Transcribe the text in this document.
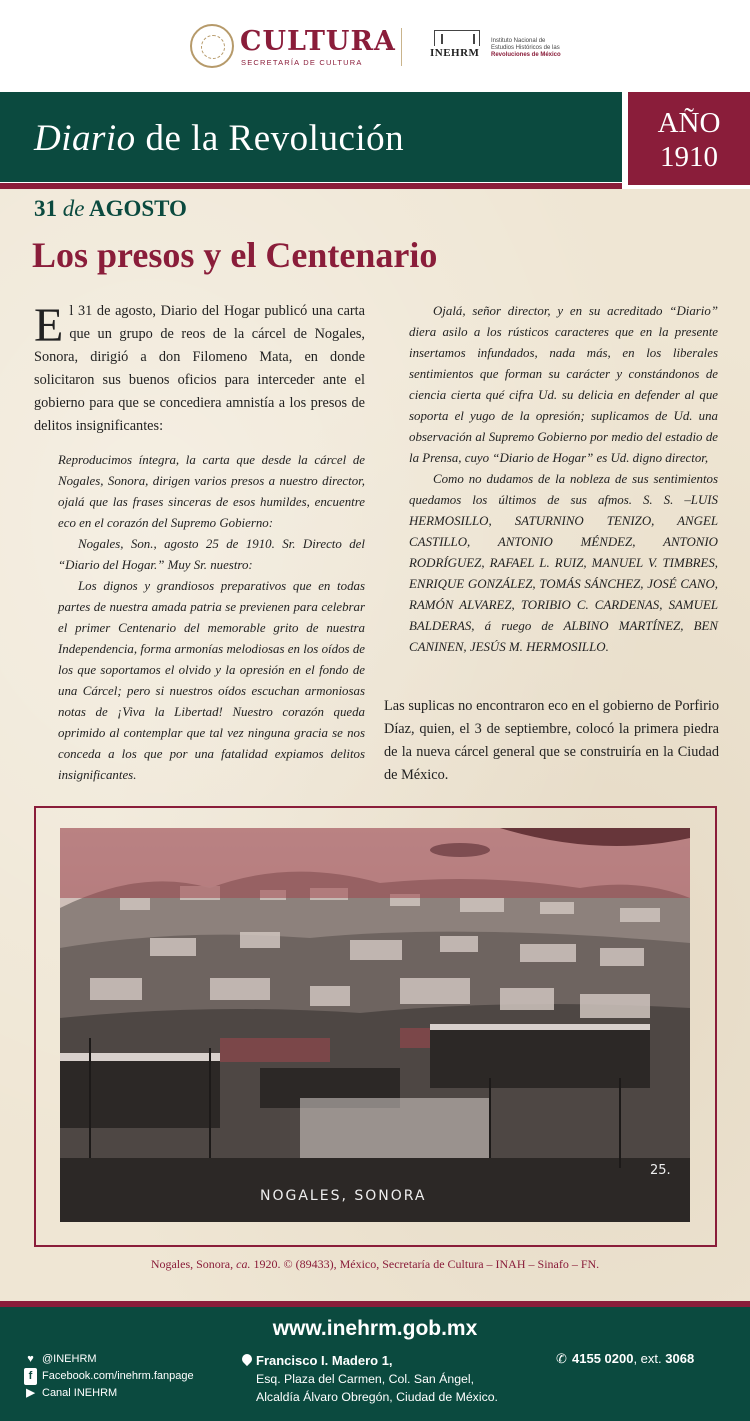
CULTURA
SECRETARÍA DE CULTURA
INEHRM
Instituto Nacional de
Estudios Históricos de las
Revoluciones de México
Diario de la Revolución	AÑO
1910
31 de AGOSTO
Los presos y el Centenario

El 31 de agosto, Diario del Hogar publicó una carta que un grupo de reos de la cárcel de Nogales, Sonora, dirigió a don Filomeno Mata, en donde solicitaron sus buenos oficios para interceder ante el gobierno para que se concediera amnistía a los presos de delitos insignificantes:

Reproducimos íntegra, la carta que desde la cárcel de Nogales, Sonora, dirigen varios presos a nuestro director, ojalá que las frases sinceras de esos humildes, encuentre eco en el corazón del Supremo Gobierno:

Nogales, Son., agosto 25 de 1910. Sr. Directo del “Diario del Hogar.” Muy Sr. nuestro:

Los dignos y grandiosos preparativos que en todas partes de nuestra amada patria se previenen para celebrar el primer Centenario del memorable grito de nuestra Independencia, forma armonías melodiosas en los oídos de los que soportamos el olvido y la opresión en el fondo de una Cárcel; pero si nuestros oídos escuchan armoniosas notas de ¡Viva la Libertad! Nuestro corazón queda oprimido al contemplar que tal vez ninguna gracia se nos conceda a los que por una fatalidad expiamos delitos insignificantes.

Ojalá, señor director, y en su acreditado “Diario” diera asilo a los rústicos caracteres que en la presente insertamos infundados, nada más, en los liberales sentimientos que forman su carácter y constándonos de ciencia cierta qué cifra Ud. su delicia en defender al que soporta el yugo de la opresión; suplicamos de Ud. una observación al Supremo Gobierno por medio del estadio de la Prensa, cuyo “Diario de Hogar” es Ud. digno director,

Como no dudamos de la nobleza de sus sentimientos quedamos los últimos de sus afmos. S. S. –LUIS HERMOSILLO, SATURNINO TENIZO, ANGEL CASTILLO, ANTONIO MÉNDEZ, ANTONIO RODRÍGUEZ, RAFAEL L. RUIZ, MANUEL V. TIMBRES, ENRIQUE GONZÁLEZ, TOMÁS SÁNCHEZ, JOSÉ CANO, RAMÓN ALVAREZ, TORIBIO C. CARDENAS, SAMUEL BALDERAS, á ruego de ALBINO MARTÍNEZ, BEN CANINEN, JESÚS M. HERMOSILLO.

Las suplicas no encontraron eco en el gobierno de Porfirio Díaz, quien, el 3 de septiembre, colocó la primera piedra de la nueva cárcel general que se construiría en la Ciudad de México.

NOGALES, SONORA
25.
Nogales, Sonora, ca. 1920. © (89433), México, Secretaría de Cultura – INAH – Sinafo – FN.
www.inehrm.gob.mx
♥ @INEHRM
f Facebook.com/inehrm.fanpage
▶ Canal INEHRM
Francisco I. Madero 1,
Esq. Plaza del Carmen, Col. San Ángel,
Alcaldía Álvaro Obregón, Ciudad de México.
✆ 4155 0200, ext. 3068
